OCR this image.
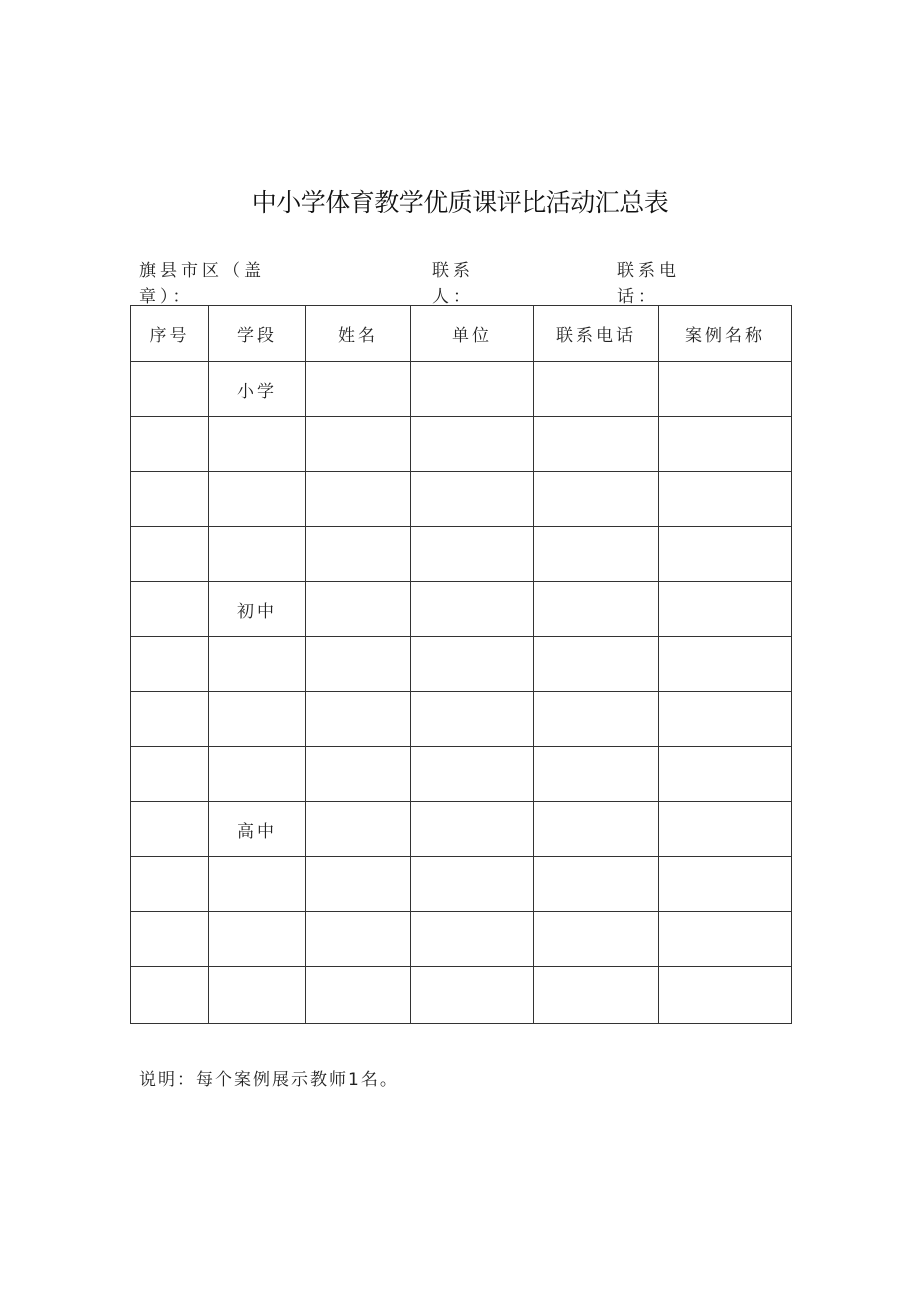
中小学体育教学优质课评比活动汇总表
旗县市区（盖章）：
联系人：
联系电话：
序号	学段	姓名	单位	联系电话	案例名称
	小学				

	初中				

	高中				

说明：每个案例展示教师1名。
